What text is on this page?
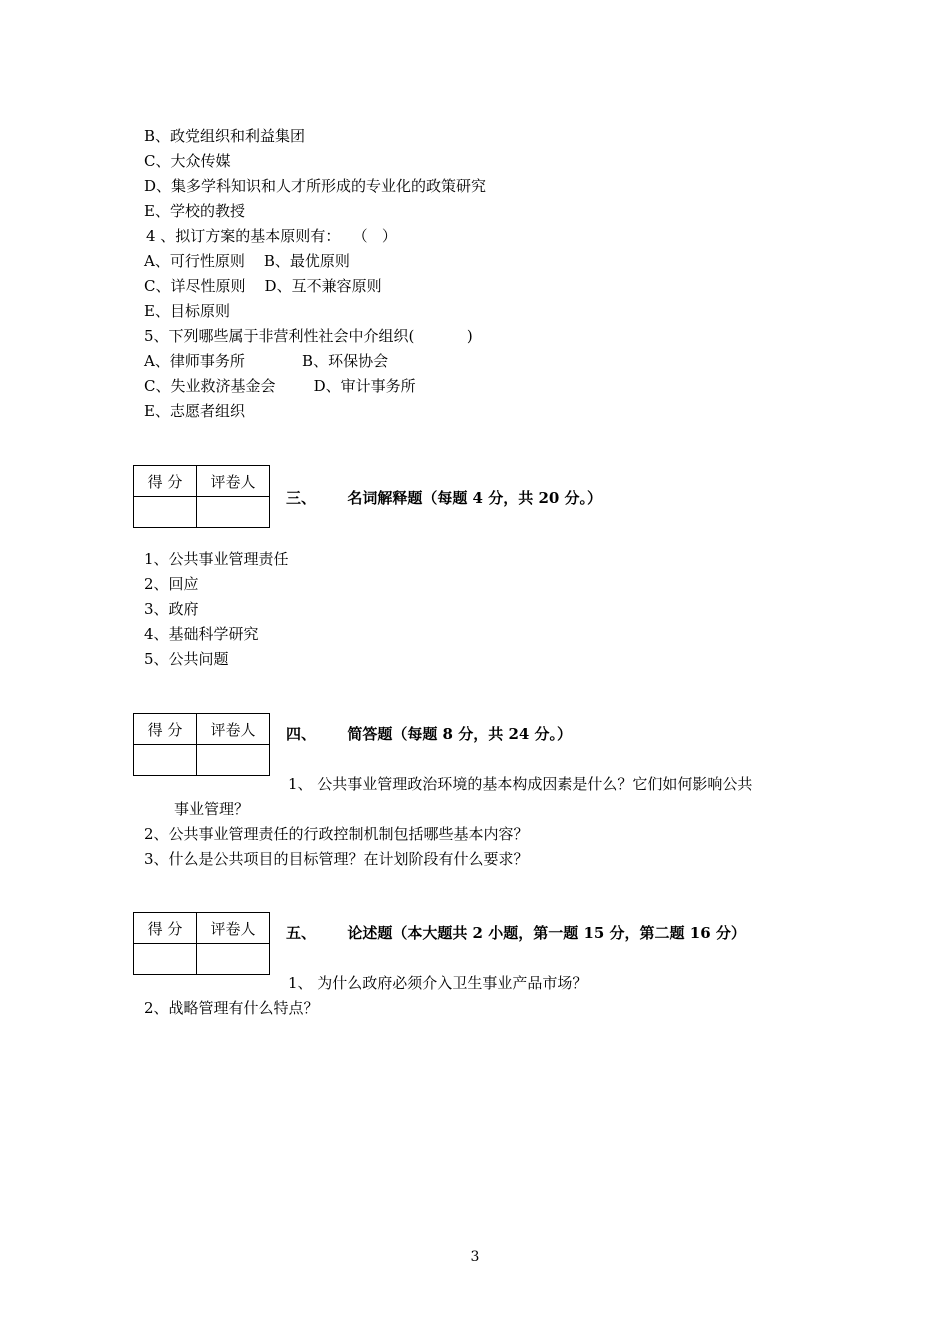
B、政党组织和利益集团
C、大众传媒
D、集多学科知识和人才所形成的专业化的政策研究
E、学校的教授
4 、拟订方案的基本原则有：　 （   ）
A、可行性原则    B、最优原则
C、详尽性原则    D、互不兼容原则
E、目标原则
5、下列哪些属于非营利性社会中介组织(           )
A、律师事务所            B、环保协会
C、失业救济基金会        D、审计事务所
E、志愿者组织
得 分	评卷人

三、      名词解释题（每题 4 分，共 20 分。）
1、公共事业管理责任
2、回应
3、政府
4、基础科学研究
5、公共问题
得 分	评卷人
	四、      简答题（每题 8 分，共 24 分。）
1、 公共事业管理政治环境的基本构成因素是什么？它们如何影响公共
事业管理？
2、公共事业管理责任的行政控制机制包括哪些基本内容？
3、什么是公共项目的目标管理？在计划阶段有什么要求？
得 分	评卷人
	五、      论述题（本大题共 2 小题，第一题 15 分，第二题 16 分）
1、 为什么政府必须介入卫生事业产品市场？
2、战略管理有什么特点？
3
